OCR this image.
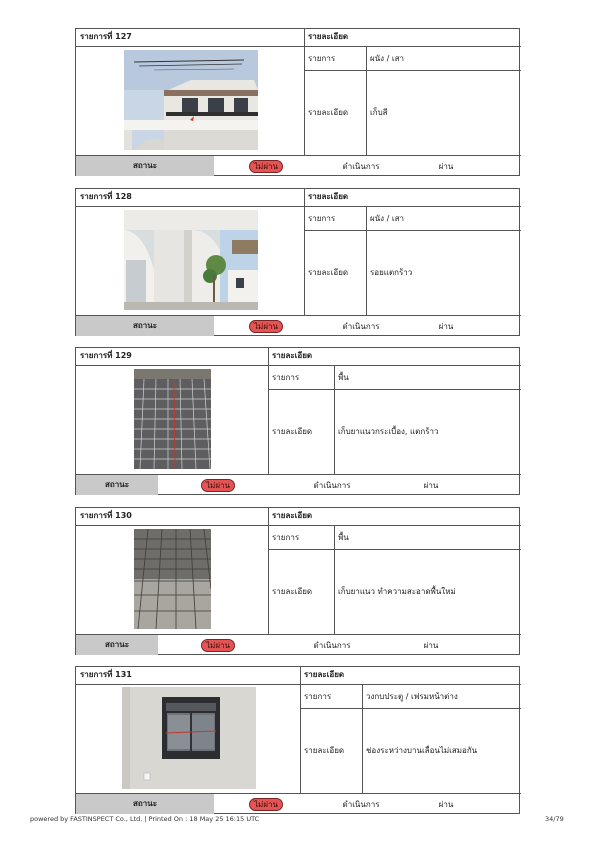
รายการที่ 127	รายละเอียด
รายการ	ผนัง / เสา
รายละเอียด	เก็บสี
สถานะ	ไม่ผ่าน	ดำเนินการ	ผ่าน
รายการที่ 128	รายละเอียด
รายการ	ผนัง / เสา
รายละเอียด	รอยแตกร้าว
สถานะ	ไม่ผ่าน	ดำเนินการ	ผ่าน
รายการที่ 129	รายละเอียด
รายการ	พื้น
รายละเอียด	เก็บยาแนวกระเบื้อง, แตกร้าว
สถานะ	ไม่ผ่าน	ดำเนินการ	ผ่าน
รายการที่ 130	รายละเอียด
รายการ	พื้น
รายละเอียด	เก็บยาแนว ทำความสะอาดพื้นใหม่
สถานะ	ไม่ผ่าน	ดำเนินการ	ผ่าน
รายการที่ 131	รายละเอียด
รายการ	วงกบประตู / เฟรมหน้าต่าง
รายละเอียด	ช่องระหว่างบานเลื่อนไม่เสมอกัน
สถานะ	ไม่ผ่าน	ดำเนินการ	ผ่าน
powered by FASTINSPECT Co., Ltd. | Printed On : 18 May 25 16:15 UTC	34/79
